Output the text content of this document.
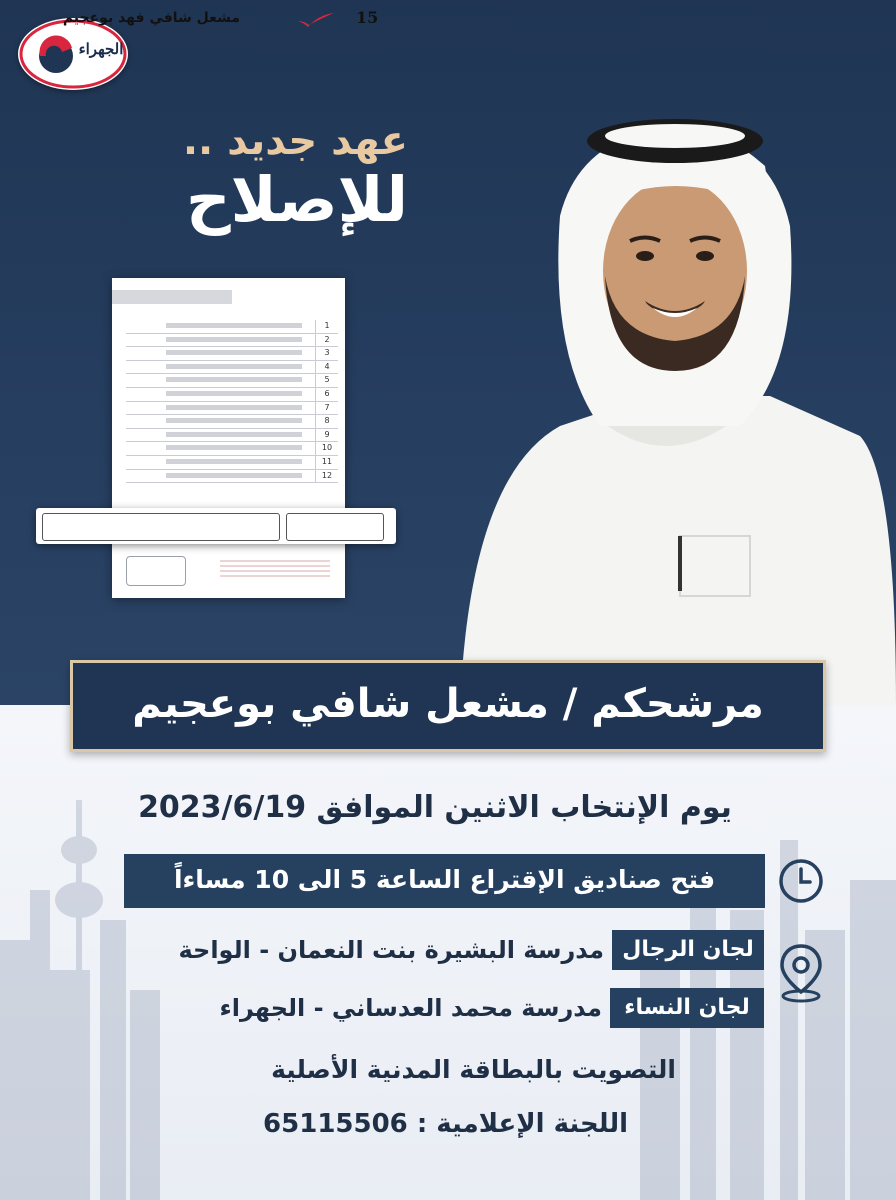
الجهراء
عهد جديد ..
للإصلاح
1
2
3
4
5
6
7
8
9
10
11
12
مشعل شافي فهد بوعجيم	15
مرشحكم / مشعل شافي بوعجيم
يوم الإنتخاب الاثنين الموافق 2023/6/19
فتح صناديق الإقتراع الساعة 5 الى 10 مساءاً
لجان الرجال
مدرسة البشيرة بنت النعمان - الواحة
لجان النساء
مدرسة محمد العدساني - الجهراء
التصويت بالبطاقة المدنية الأصلية
اللجنة الإعلامية : 65115506
